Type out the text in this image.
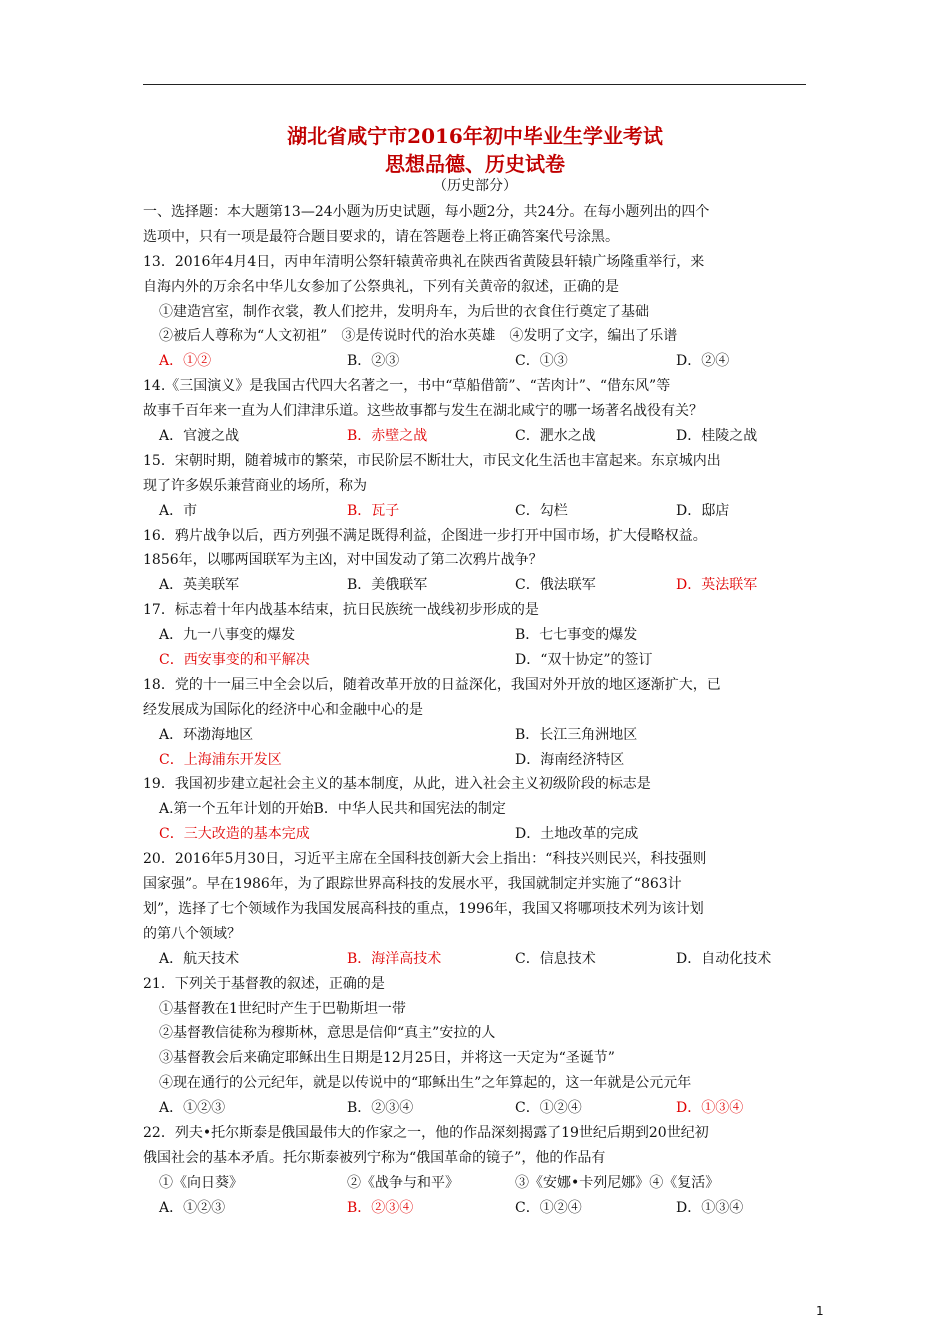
湖北省咸宁市2016年初中毕业生学业考试
思想品德、历史试卷
（历史部分）
一、选择题：本大题第13—24小题为历史试题，每小题2分，共24分。在每小题列出的四个
选项中，只有一项是最符合题目要求的，请在答题卷上将正确答案代号涂黑。
13．2016年4月4日，丙申年清明公祭轩辕黄帝典礼在陕西省黄陵县轩辕广场隆重举行，来
自海内外的万余名中华儿女参加了公祭典礼，下列有关黄帝的叙述，正确的是
①建造宫室，制作衣裳，教人们挖井，发明舟车，为后世的衣食住行奠定了基础
②被后人尊称为“人文初祖”　③是传说时代的治水英雄　④发明了文字，编出了乐谱
A．①②	B．②③	C．①③	D．②④
14.《三国演义》是我国古代四大名著之一，书中“草船借箭”、“苦肉计”、“借东风”等
故事千百年来一直为人们津津乐道。这些故事都与发生在湖北咸宁的哪一场著名战役有关？
A．官渡之战	B．赤壁之战	C．淝水之战	D．桂陵之战
15．宋朝时期，随着城市的繁荣，市民阶层不断壮大，市民文化生活也丰富起来。东京城内出
现了许多娱乐兼营商业的场所，称为
A．市	B．瓦子	C．勾栏	D．邸店
16．鸦片战争以后，西方列强不满足既得利益，企图进一步打开中国市场，扩大侵略权益。
1856年，以哪两国联军为主凶，对中国发动了第二次鸦片战争？
A．英美联军	B．美俄联军	C．俄法联军	D．英法联军
17．标志着十年内战基本结束，抗日民族统一战线初步形成的是
A．九一八事变的爆发	B．七七事变的爆发
C．西安事变的和平解决	D．“双十协定”的签订
18．党的十一届三中全会以后，随着改革开放的日益深化，我国对外开放的地区逐渐扩大，已
经发展成为国际化的经济中心和金融中心的是
A．环渤海地区	B．长江三角洲地区
C．上海浦东开发区	D．海南经济特区
19．我国初步建立起社会主义的基本制度，从此，进入社会主义初级阶段的标志是
A.第一个五年计划的开始B．中华人民共和国宪法的制定
C．三大改造的基本完成	D．土地改革的完成
20．2016年5月30日，习近平主席在全国科技创新大会上指出：“科技兴则民兴，科技强则
国家强”。早在1986年，为了跟踪世界高科技的发展水平，我国就制定并实施了“863计
划”，选择了七个领域作为我国发展高科技的重点，1996年，我国又将哪项技术列为该计划
的第八个领域？
A．航天技术	B．海洋高技术	C．信息技术	D．自动化技术
21．下列关于基督教的叙述，正确的是
①基督教在1世纪时产生于巴勒斯坦一带
②基督教信徒称为穆斯林，意思是信仰“真主”安拉的人
③基督教会后来确定耶稣出生日期是12月25日，并将这一天定为“圣诞节”
④现在通行的公元纪年，就是以传说中的“耶稣出生”之年算起的，这一年就是公元元年
A．①②③	B．②③④	C．①②④	D．①③④
22．列夫•托尔斯泰是俄国最伟大的作家之一，他的作品深刻揭露了19世纪后期到20世纪初
俄国社会的基本矛盾。托尔斯泰被列宁称为“俄国革命的镜子”，他的作品有
①《向日葵》	②《战争与和平》	③《安娜•卡列尼娜》④《复活》
A．①②③	B．②③④	C．①②④	D．①③④
1
